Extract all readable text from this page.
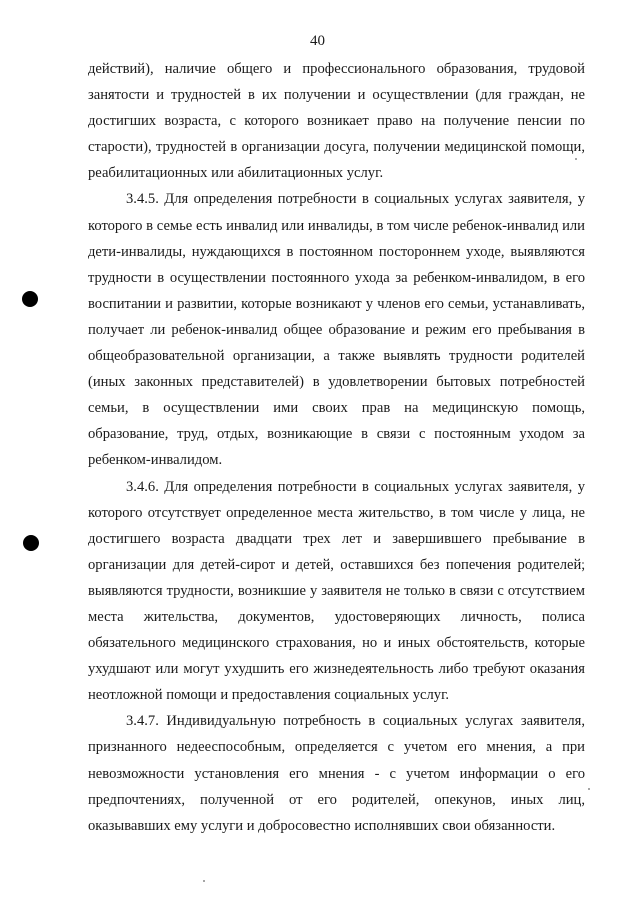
40

действий), наличие общего и профессионального образования, трудовой занятости и трудностей в их получении и осуществлении (для граждан, не достигших возраста, с которого возникает право на получение пенсии по старости), трудностей в организации досуга, получении медицинской помощи, реабилитационных или абилитационных услуг.

3.4.5. Для определения потребности в социальных услугах заявителя, у которого в семье есть инвалид или инвалиды, в том числе ребенок-инвалид или дети-инвалиды, нуждающихся в постоянном постороннем уходе, выявляются трудности в осуществлении постоянного ухода за ребенком-инвалидом, в его воспитании и развитии, которые возникают у членов его семьи, устанавливать, получает ли ребенок-инвалид общее образование и режим его пребывания в общеобразовательной организации, а также выявлять трудности родителей (иных законных представителей) в удовлетворении бытовых потребностей семьи, в осуществлении ими своих прав на медицинскую помощь, образование, труд, отдых, возникающие в связи с постоянным уходом за ребенком-инвалидом.

3.4.6. Для определения потребности в социальных услугах заявителя, у которого отсутствует определенное места жительство, в том числе у лица, не достигшего возраста двадцати трех лет и завершившего пребывание в организации для детей-сирот и детей, оставшихся без попечения родителей, выявляются трудности, возникшие у заявителя не только в связи с отсутствием места жительства, документов, удостоверяющих личность, полиса обязательного медицинского страхования, но и иных обстоятельств, которые ухудшают или могут ухудшить его жизнедеятельность либо требуют оказания неотложной помощи и предоставления социальных услуг.

3.4.7. Индивидуальную потребность в социальных услугах заявителя, признанного недееспособным, определяется с учетом его мнения, а при невозможности установления его мнения - с учетом информации о его предпочтениях, полученной от его родителей, опекунов, иных лиц, оказывавших ему услуги и добросовестно исполнявших свои обязанности.
